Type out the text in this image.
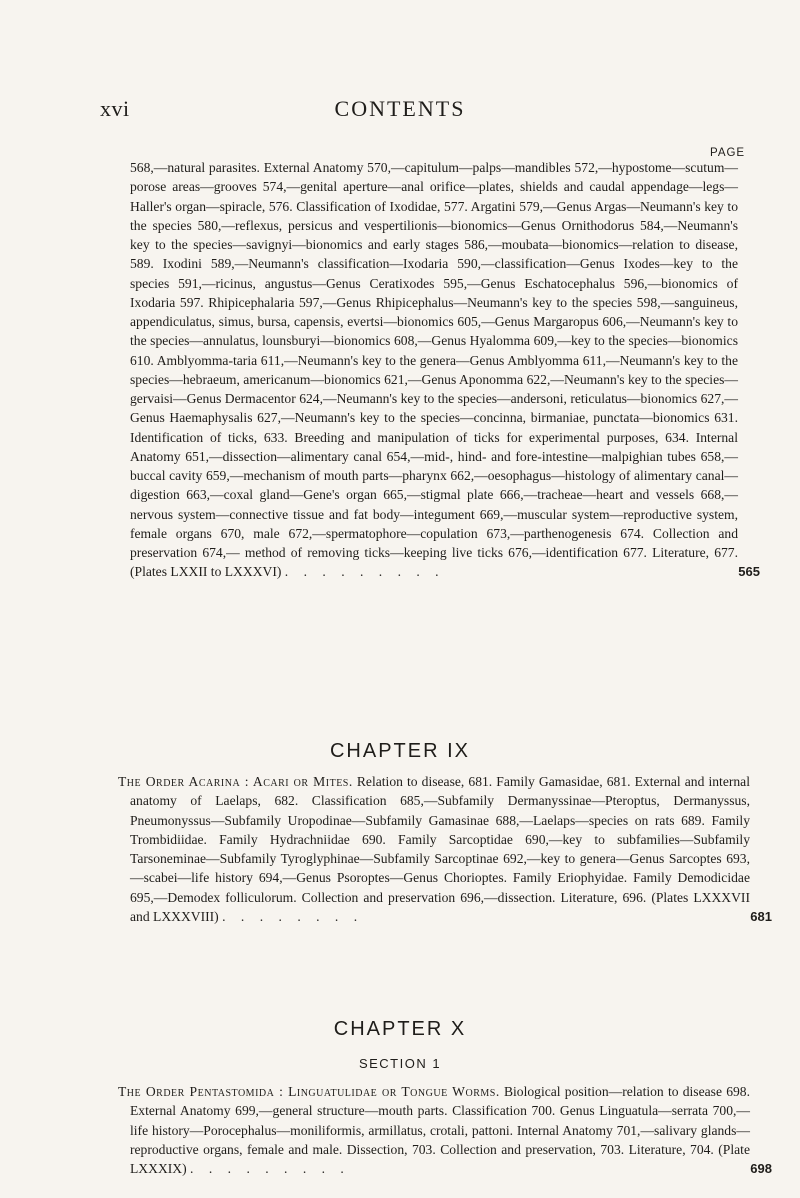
xvi	CONTENTS
PAGE
568,—natural parasites. External Anatomy 570,—capitulum—palps—mandibles 572,—hypostome—scutum—porose areas—grooves 574,—genital aperture—anal orifice—plates, shields and caudal appendage—legs—Haller's organ—spiracle, 576. Classification of Ixodidae, 577. Argatini 579,—Genus Argas—Neumann's key to the species 580,—reflexus, persicus and vespertilionis—bionomics—Genus Ornithodorus 584,—Neumann's key to the species—savignyi—bionomics and early stages 586,—moubata—bionomics—relation to disease, 589. Ixodini 589,—Neumann's classification—Ixodaria 590,—classification—Genus Ixodes—key to the species 591,—ricinus, angustus—Genus Ceratixodes 595,—Genus Eschatocephalus 596,—bionomics of Ixodaria 597. Rhipicephalaria 597,—Genus Rhipicephalus—Neumann's key to the species 598,—sanguineus, appendiculatus, simus, bursa, capensis, evertsi—bionomics 605,—Genus Margaropus 606,—Neumann's key to the species—annulatus, lounsburyi—bionomics 608,—Genus Hyalomma 609,—key to the species—bionomics 610. Amblyomma-taria 611,—Neumann's key to the genera—Genus Amblyomma 611,—Neumann's key to the species—hebraeum, americanum—bionomics 621,—Genus Aponomma 622,—Neumann's key to the species—gervaisi—Genus Dermacentor 624,—Neumann's key to the species—andersoni, reticulatus—bionomics 627,—Genus Haemaphysalis 627,—Neumann's key to the species—concinna, birmaniae, punctata—bionomics 631. Identification of ticks, 633. Breeding and manipulation of ticks for experimental purposes, 634. Internal Anatomy 651,—dissection—alimentary canal 654,—mid-, hind- and fore-intestine—malpighian tubes 658,—buccal cavity 659,—mechanism of mouth parts—pharynx 662,—oesophagus—histology of alimentary canal—digestion 663,—coxal gland—Gene's organ 665,—stigmal plate 666,—tracheae—heart and vessels 668,—nervous system—connective tissue and fat body—integument 669,—muscular system—reproductive system, female organs 670, male 672,—spermatophore—copulation 673,—parthenogenesis 674. Collection and preservation 674,— method of removing ticks—keeping live ticks 676,—identification 677. Literature, 677. (Plates LXXII to LXXXVI) . . . . . . . . .	565
CHAPTER IX
The Order Acarina : Acari or Mites. Relation to disease, 681. Family Gamasidae, 681. External and internal anatomy of Laelaps, 682. Classification 685,—Subfamily Dermanyssinae—Pteroptus, Dermanyssus, Pneumonyssus—Subfamily Uropodinae—Subfamily Gamasinae 688,—Laelaps—species on rats 689. Family Trombidiidae. Family Hydrachniidae 690. Family Sarcoptidae 690,—key to subfamilies—Subfamily Tarsoneminae—Subfamily Tyroglyphinae—Subfamily Sarcoptinae 692,—key to genera—Genus Sarcoptes 693,—scabei—life history 694,—Genus Psoroptes—Genus Chorioptes. Family Eriophyidae. Family Demodicidae 695,—Demodex folliculorum. Collection and preservation 696,—dissection. Literature, 696. (Plates LXXXVII and LXXXVIII) . . . . . . . .	681
CHAPTER X
SECTION 1
The Order Pentastomida : Linguatulidae or Tongue Worms. Biological position—relation to disease 698. External Anatomy 699,—general structure—mouth parts. Classification 700. Genus Linguatula—serrata 700,—life history—Porocephalus—moniliformis, armillatus, crotali, pattoni. Internal Anatomy 701,—salivary glands—reproductive organs, female and male. Dissection, 703. Collection and preservation, 703. Literature, 704. (Plate LXXXIX) . . . . . . . . .	698
